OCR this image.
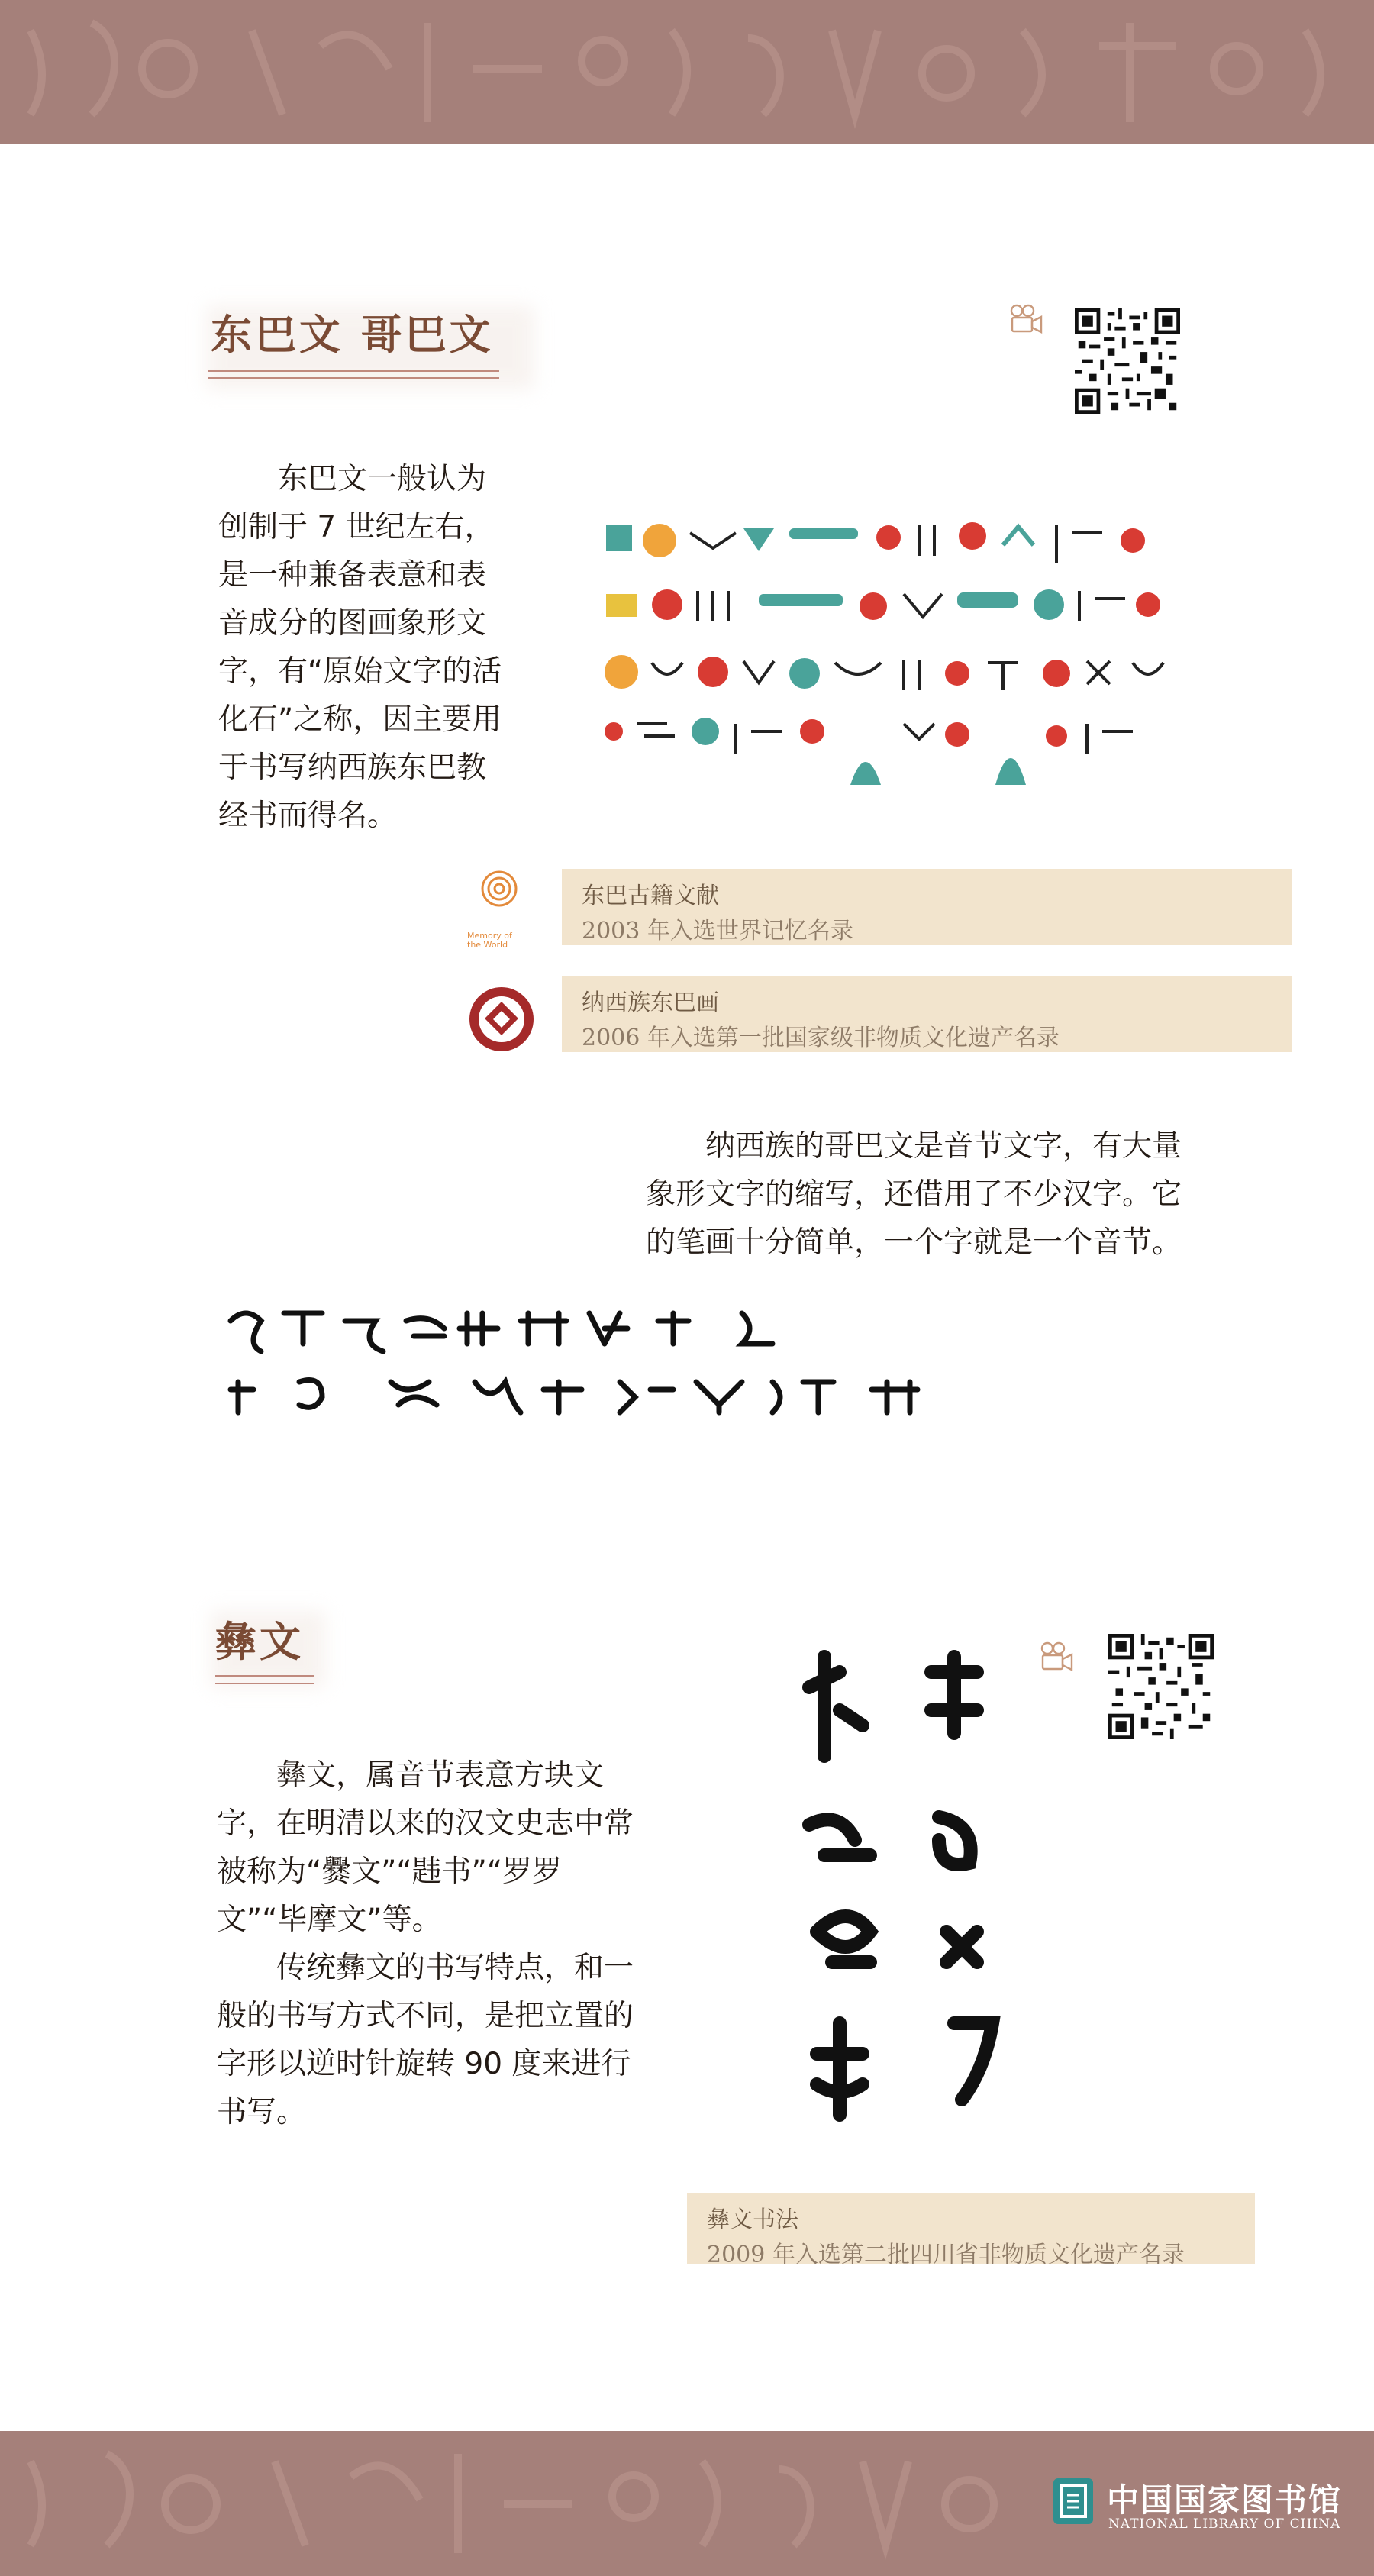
东巴文 哥巴文

东巴文一般认为创制于 7 世纪左右，是一种兼备表意和表音成分的图画象形文字，有“原始文字的活化石”之称，因主要用于书写纳西族东巴教经书而得名。

Memory of
the World
东巴古籍文献
2003 年入选世界记忆名录
纳西族东巴画
2006 年入选第一批国家级非物质文化遗产名录

纳西族的哥巴文是音节文字，有大量象形文字的缩写，还借用了不少汉字。它的笔画十分简单，一个字就是一个音节。

彝文

彝文，属音节表意方块文字，在明清以来的汉文史志中常被称为“爨文”“韪书”“罗罗文”“毕摩文”等。

传统彝文的书写特点，和一般的书写方式不同，是把立置的字形以逆时针旋转 90 度来进行书写。

彝文书法
2009 年入选第二批四川省非物质文化遗产名录
中国国家图书馆
NATIONAL LIBRARY OF CHINA
